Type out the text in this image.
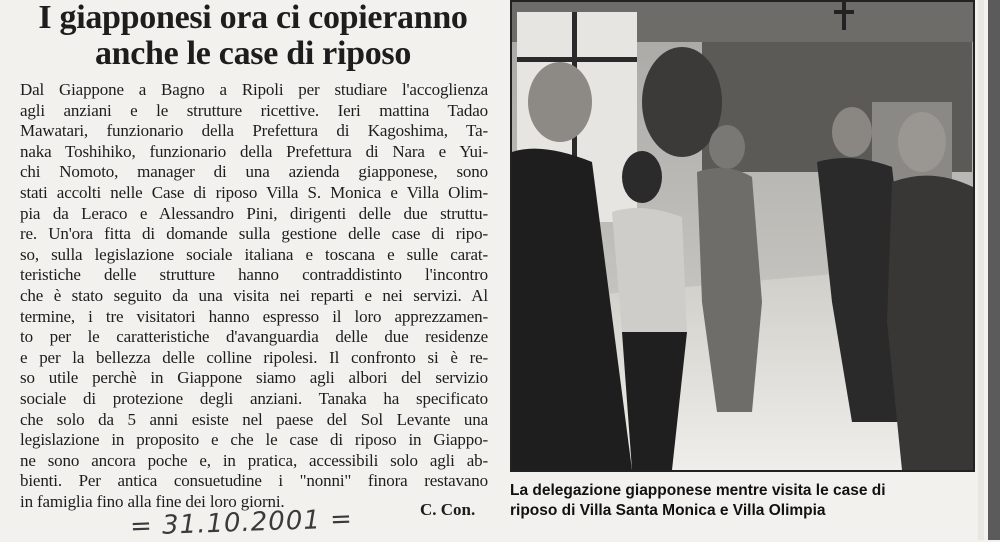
I giapponesi ora ci copieranno
anche le case di riposo
Dal Giappone a Bagno a Ripoli per studiare l'accoglienza
agli anziani e le strutture ricettive. Ieri mattina Tadao
Mawatari, funzionario della Prefettura di Kagoshima, Ta-
naka Toshihiko, funzionario della Prefettura di Nara e Yui-
chi Nomoto, manager di una azienda giapponese, sono
stati accolti nelle Case di riposo Villa S. Monica e Villa Olim-
pia da Leraco e Alessandro Pini, dirigenti delle due struttu-
re. Un'ora fitta di domande sulla gestione delle case di ripo-
so, sulla legislazione sociale italiana e toscana e sulle carat-
teristiche delle strutture hanno contraddistinto l'incontro
che è stato seguito da una visita nei reparti e nei servizi. Al
termine, i tre visitatori hanno espresso il loro apprezzamen-
to per le caratteristiche d'avanguardia delle due residenze
e per la bellezza delle colline ripolesi. Il confronto si è re-
so utile perchè in Giappone siamo agli albori del servizio
sociale di protezione degli anziani. Tanaka ha specificato
che solo da 5 anni esiste nel paese del Sol Levante una
legislazione in proposito e che le case di riposo in Giappo-
ne sono ancora poche e, in pratica, accessibili solo agli ab-
bienti. Per antica consuetudine i "nonni" finora restavano
in famiglia fino alla fine dei loro giorni.	C. Con.
= 31.10.2001 =
La delegazione giapponese mentre visita le case di
riposo di Villa Santa Monica e Villa Olimpia
